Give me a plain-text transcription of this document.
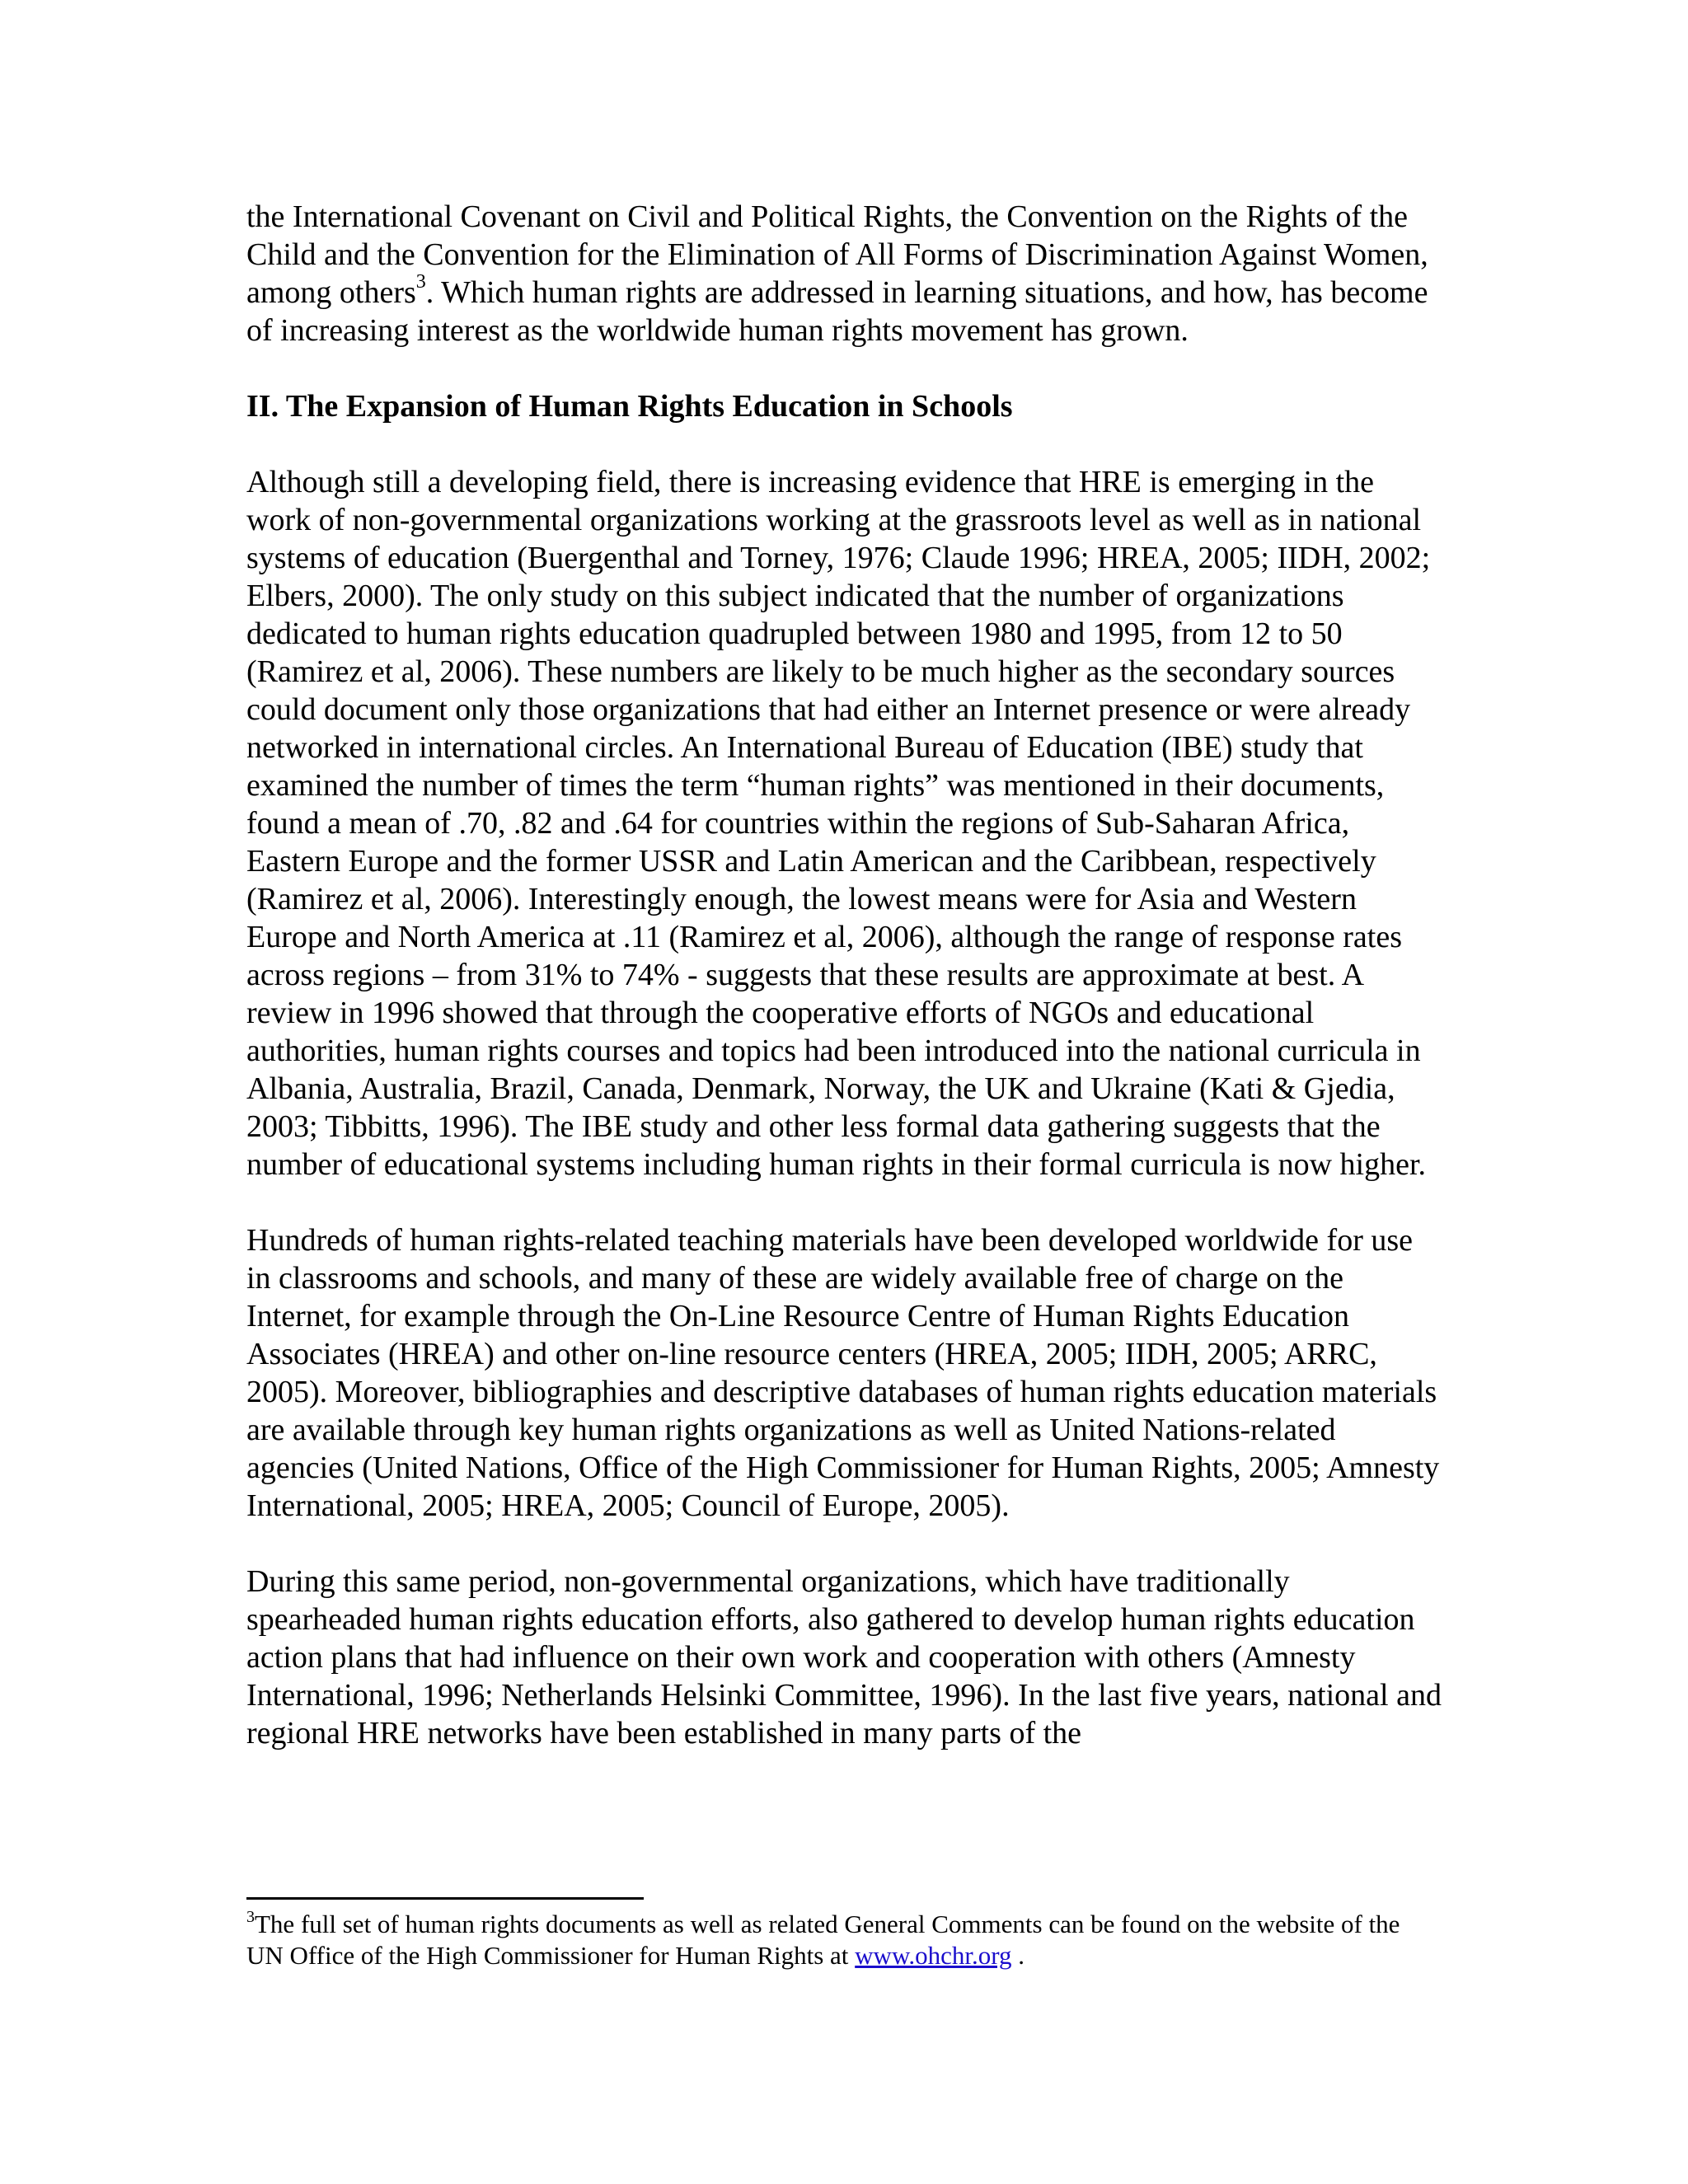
the International Covenant on Civil and Political Rights, the Convention on the Rights of the Child and the Convention for the Elimination of All Forms of Discrimination Against Women, among others$^3$. Which human rights are addressed in learning situations, and how, has become of increasing interest as the worldwide human rights movement has grown.

II. The Expansion of Human Rights Education in Schools

Although still a developing field, there is increasing evidence that HRE is emerging in the work of non-governmental organizations working at the grassroots level as well as in national systems of education (Buergenthal and Torney, 1976; Claude 1996; HREA, 2005; IIDH, 2002; Elbers, 2000). The only study on this subject indicated that the number of organizations dedicated to human rights education quadrupled between 1980 and 1995, from 12 to 50 (Ramirez et al, 2006). These numbers are likely to be much higher as the secondary sources could document only those organizations that had either an Internet presence or were already networked in international circles. An International Bureau of Education (IBE) study that examined the number of times the term “human rights” was mentioned in their documents, found a mean of .70, .82 and .64 for countries within the regions of Sub-Saharan Africa, Eastern Europe and the former USSR and Latin American and the Caribbean, respectively (Ramirez et al, 2006). Interestingly enough, the lowest means were for Asia and Western Europe and North America at .11 (Ramirez et al, 2006), although the range of response rates across regions – from 31% to 74% - suggests that these results are approximate at best. A review in 1996 showed that through the cooperative efforts of NGOs and educational authorities, human rights courses and topics had been introduced into the national curricula in Albania, Australia, Brazil, Canada, Denmark, Norway, the UK and Ukraine (Kati & Gjedia, 2003; Tibbitts, 1996). The IBE study and other less formal data gathering suggests that the number of educational systems including human rights in their formal curricula is now higher.

Hundreds of human rights-related teaching materials have been developed worldwide for use in classrooms and schools, and many of these are widely available free of charge on the Internet, for example through the On-Line Resource Centre of Human Rights Education Associates (HREA) and other on-line resource centers (HREA, 2005; IIDH, 2005; ARRC, 2005). Moreover, bibliographies and descriptive databases of human rights education materials are available through key human rights organizations as well as United Nations-related agencies (United Nations, Office of the High Commissioner for Human Rights, 2005; Amnesty International, 2005; HREA, 2005; Council of Europe, 2005).

During this same period, non-governmental organizations, which have traditionally spearheaded human rights education efforts, also gathered to develop human rights education action plans that had influence on their own work and cooperation with others (Amnesty International, 1996; Netherlands Helsinki Committee, 1996). In the last five years, national and regional HRE networks have been established in many parts of the

$^3$The full set of human rights documents as well as related General Comments can be found on the website of the UN Office of the High Commissioner for Human Rights at www.ohchr.org .
